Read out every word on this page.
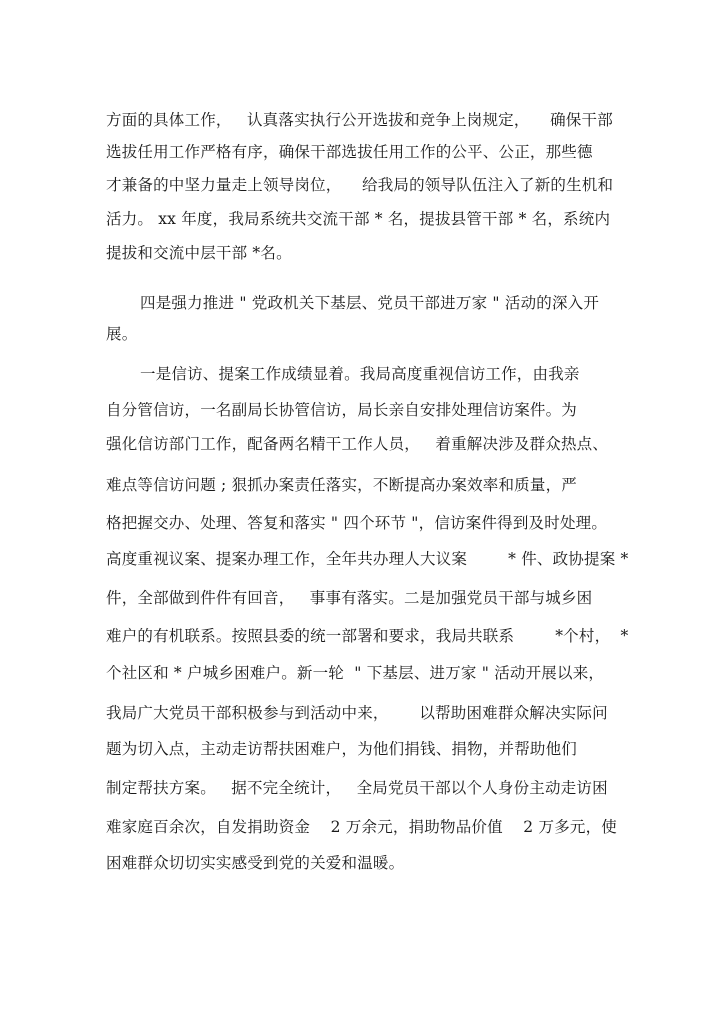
方面的具体工作，   认真落实执行公开选拔和竞争上岗规定，    确保干部
选拔任用工作严格有序，确保干部选拔任用工作的公平、公正，那些德
才兼备的中坚力量走上领导岗位，    给我局的领导队伍注入了新的生机和
活力。 xx 年度，我局系统共交流干部 * 名，提拔县管干部 * 名，系统内
提拔和交流中层干部 *名。
四是强力推进 " 党政机关下基层、党员干部进万家 " 活动的深入开
展。
一是信访、提案工作成绩显着。我局高度重视信访工作，由我亲
自分管信访，一名副局长协管信访，局长亲自安排处理信访案件。为
强化信访部门工作，配备两名精干工作人员，   着重解决涉及群众热点、
难点等信访问题 ; 狠抓办案责任落实，不断提高办案效率和质量，严
格把握交办、处理、答复和落实 " 四个环节 "，信访案件得到及时处理。
高度重视议案、提案办理工作，全年共办理人大议案        * 件、政协提案 *
件，全部做到件件有回音，   事事有落实。二是加强党员干部与城乡困
难户的有机联系。按照县委的统一部署和要求，我局共联系        *个村，  *
个社区和 * 户城乡困难户。新一轮  " 下基层、进万家 " 活动开展以来，
我局广大党员干部积极参与到活动中来，      以帮助困难群众解决实际问
题为切入点，主动走访帮扶困难户，为他们捐钱、捐物，并帮助他们
制定帮扶方案。   据不完全统计，   全局党员干部以个人身份主动走访困
难家庭百余次，自发捐助资金    2 万余元，捐助物品价值    2 万多元，使
困难群众切切实实感受到党的关爱和温暖。
